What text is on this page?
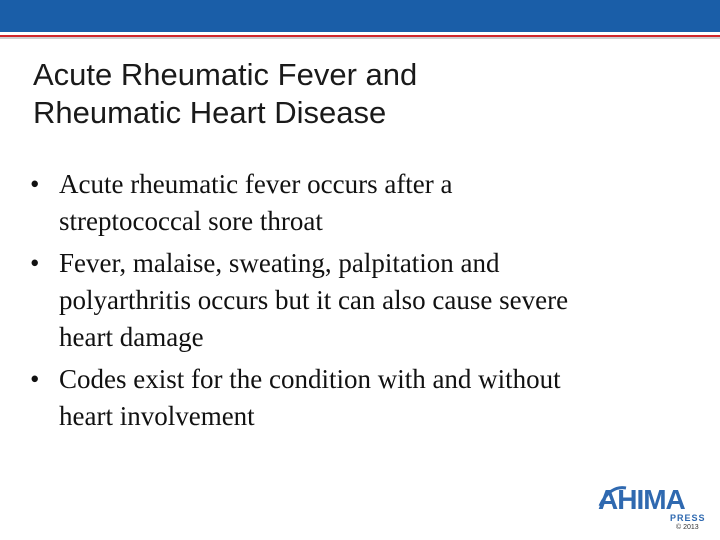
Acute Rheumatic Fever and
Rheumatic Heart Disease
• Acute rheumatic fever occurs after a
streptococcal sore throat
• Fever, malaise, sweating, palpitation and
polyarthritis occurs but it can also cause severe
heart damage
• Codes exist for the condition with and without
heart involvement
AHIMA
PRESS
© 2013
